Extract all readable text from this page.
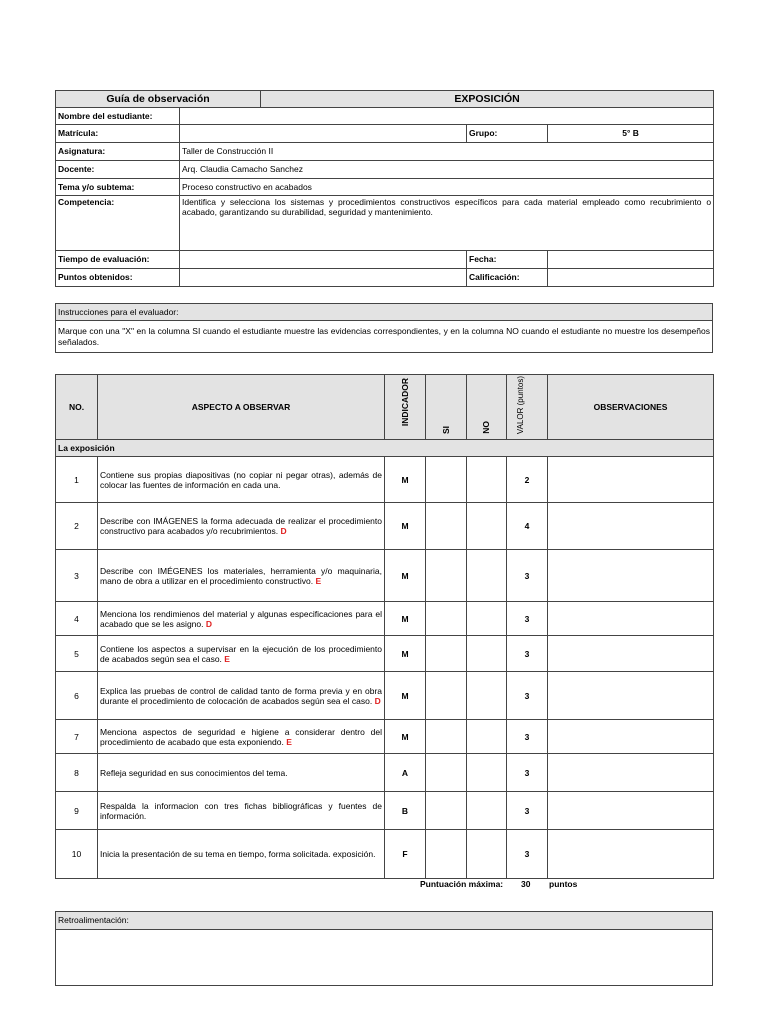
Guía de observación		EXPOSICIÓN		
Nombre del estudiante:				
Matrícula:			Grupo:	5° B
Asignatura:	Taller de Construcción II			
Docente:	Arq. Claudia Camacho Sanchez			
Tema y/o subtema:	Proceso constructivo en acabados			
Competencia:	Identifica y selecciona los sistemas y procedimientos constructivos específicos para cada material empleado como recubrimiento o acabado, garantizando su durabilidad, seguridad y mantenimiento.			
Tiempo de evaluación:			Fecha:	
Puntos obtenidos:			Calificación:	
Instrucciones para el evaluador:
Marque con una "X" en la columna SI cuando el estudiante muestre las evidencias correspondientes, y en la columna NO cuando el estudiante no muestre los desempeños señalados.
NO.	ASPECTO A OBSERVAR	INDICADOR	SI	NO	VALOR (puntos)	OBSERVACIONES
La exposición						
1	Contiene sus propias diapositivas (no copiar ni pegar otras), además de colocar las fuentes de información en cada una.	M			2	
2	Describe con IMÁGENES la forma adecuada de realizar el procedimiento constructivo para acabados y/o recubrimientos. D	M			4	
3	Describe con IMÉGENES los materiales, herramienta y/o maquinaria, mano de obra a utilizar en el procedimiento constructivo. E	M			3	
4	Menciona los rendimienos del material y algunas especificaciones para el acabado que se les asigno. D	M			3	
5	Contiene los aspectos a supervisar en la ejecución de los procedimiento de acabados según sea el caso. E	M			3	
6	Explica las pruebas de control de calidad tanto de forma previa y en obra durante el procedimiento de colocación de acabados según sea el caso. D	M			3	
7	Menciona aspectos de seguridad e higiene a considerar dentro del procedimiento de acabado que esta exponiendo. E	M			3	
8	Refleja seguridad en sus conocimientos del tema.	A			3	
9	Respalda la informacion con tres fichas bibliográficas y fuentes de información.	B			3	
10	Inicia la presentación de su tema en tiempo, forma solicitada. exposición.	F			3	
Puntuación máxima: 30 puntos
Retroalimentación:
